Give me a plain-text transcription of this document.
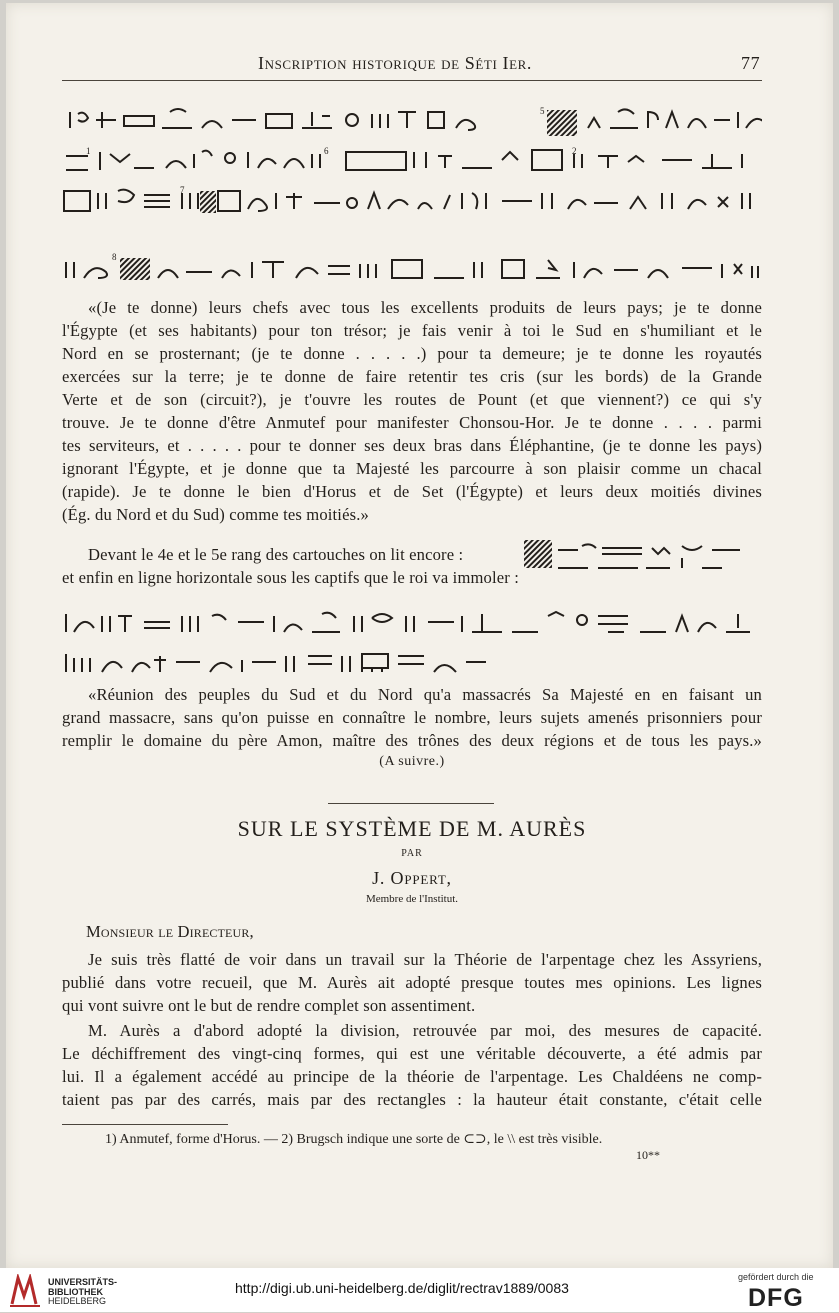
Inscription historique de Séti Ier.	77
5
1	6	2
7
8
«(Je te donne) leurs chefs avec tous les excellents produits de leurs pays; je te donne
l'Égypte (et ses habitants) pour ton trésor; je fais venir à toi le Sud en s'humiliant et le
Nord en se prosternant; (je te donne . . . . .) pour ta demeure; je te donne les royautés
exercées sur la terre; je te donne de faire retentir tes cris (sur les bords) de la Grande
Verte et de son (circuit?), je t'ouvre les routes de Pount (et que viennent?) ce qui s'y
trouve. Je te donne d'être Anmutef pour manifester Chonsou-Hor. Je te donne . . . . parmi
tes serviteurs, et . . . . . pour te donner ses deux bras dans Éléphantine, (je te donne les pays)
ignorant l'Égypte, et je donne que ta Majesté les parcourre à son plaisir comme un chacal
(rapide). Je te donne le bien d'Horus et de Set (l'Égypte) et leurs deux moitiés divines
(Ég. du Nord et du Sud) comme tes moitiés.»
Devant le 4e et le 5e rang des cartouches on lit encore :
et enfin en ligne horizontale sous les captifs que le roi va immoler :
«Réunion des peuples du Sud et du Nord qu'a massacrés Sa Majesté en en faisant un
grand massacre, sans qu'on puisse en connaître le nombre, leurs sujets amenés prisonniers pour
remplir le domaine du père Amon, maître des trônes des deux régions et de tous les pays.»
(A suivre.)
SUR LE SYSTÈME DE M. AURÈS
PAR
J. Oppert,
Membre de l'Institut.
Monsieur le Directeur,
Je suis très flatté de voir dans un travail sur la Théorie de l'arpentage chez les Assyriens,
publié dans votre recueil, que M. Aurès ait adopté presque toutes mes opinions. Les lignes
qui vont suivre ont le but de rendre complet son assentiment.
M. Aurès a d'abord adopté la division, retrouvée par moi, des mesures de capacité.
Le déchiffrement des vingt-cinq formes, qui est une véritable découverte, a été admis par
lui. Il a également accédé au principe de la théorie de l'arpentage. Les Chaldéens ne comp-
taient pas par des carrés, mais par des rectangles : la hauteur était constante, c'était celle
1) Anmutef, forme d'Horus. — 2) Brugsch indique une sorte de ⊂⊃, le \\ est très visible.
10**
UNIVERSITÄTS-
BIBLIOTHEK
HEIDELBERG
http://digi.ub.uni-heidelberg.de/diglit/rectrav1889/0083
gefördert durch die
DFG
